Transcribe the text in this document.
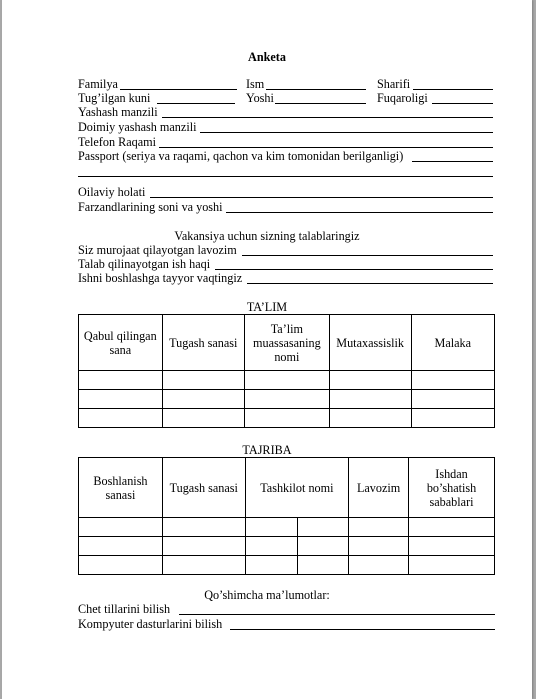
Anketa
Familya	Ism	Sharifi
Tug’ilgan kuni	Yoshi	Fuqaroligi
Yashash manzili
Doimiy yashash manzili
Telefon Raqami
Passport (seriya va raqami, qachon va kim tomonidan berilganligi)
Oilaviy holati
Farzandlarining soni va yoshi
Vakansiya uchun sizning talablaringiz
Siz murojaat qilayotgan lavozim
Talab qilinayotgan ish haqi
Ishni boshlashga tayyor vaqtingiz
TA’LIM
Qabul qilingan sana	Tugash sanasi	Ta’lim muassasaning nomi	Mutaxassislik	Malaka

TAJRIBA
Boshlanish sanasi	Tugash sanasi	Tashkilot nomi		Lavozim	Ishdan bo’shatish sabablari

Qo’shimcha ma’lumotlar:
Chet tillarini bilish
Kompyuter dasturlarini bilish
